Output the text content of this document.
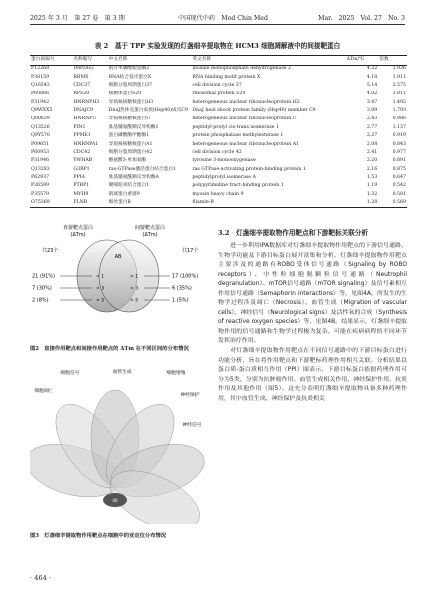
2025 年 3 月　第 27 卷　第 3 期	中国现代中药　Mod Chin Med	Mar.　2025　Vol. 27　No. 3
表 2　基于 TPP 实验发现的灯盏细辛提取物在 HCM3 细胞凋解液中的间接靶蛋白
蛋白质编号	名称缩写	中文名称	英文名称	ΔTm/℃	倍数
P12268	IMPDH2	肌苷单磷酸脱氢酶2	inosine monophosphate dehydrogenase 2	4.22	1.936
P38159	RBMX	RNA结合基序蛋白X	RNA binding motif protein X	4.18	1.911
Q16543	CDC37	细胞分裂周期蛋白37	cell division cycle 37	5.14	2.575
P60866	RPS20	核糖体蛋白S20	ribosomal protein S20	4.02	1.811
P31942	HNRNPH3	异质核核糖核蛋白H3	heterogeneous nuclear ribonucleoprotein H3	3.47	1.492
Q9WXX5	DNAJC9	DnaJ热休克蛋白家族(Hsp40)成员C9	DnaJ heat shock protein family (Hsp40) member C9	3.99	1.793
Q00839	HNRNPU	异质核核糖核蛋白U	heterogeneous nuclear ribonucleoprotein U	2.43	0.986
Q13526	PIN1	肽基脯氨酰顺反异构酶1	peptidyl-prolyl cis-trans isomerase 1	2.77	1.137
Q9Y570	PPME1	蛋白磷酸酶甲酯酶1	protein phosphatase methylesterase 1	2.27	0.919
P09651	HNRNPA1	异质核核糖核蛋白A1	heterogeneous nuclear ribonucleoprotein A1	2.08	0.843
P60953	CDC42	细胞分裂周期蛋白42	cell division cycle 42	2.41	0.977
P31946	YWHAB	酪氨酸3-单加氧酶	tyrosine 3-monooxygenase	2.20	0.891
Q13283	G3BP1	ras-GTPase激活蛋白结合蛋白1	ras GTPase-activating protein-binding protein 1	2.16	0.875
P62937	PPIA	肽基脯氨酰顺反异构酶A	peptidylprolyl isomerase A	1.53	0.647
P26599	PTBP1	聚嘧啶束结合蛋白1	polypyrimidine tract-binding protein 1	1.19	0.542
P35579	MYH9	肌球蛋白重链9	myosin heavy chain 9	1.32	0.581
O75369	FLNB	细丝蛋白B	filamin-B	1.28	0.569
直接靶点蛋白
(ΔTm)
间接靶点蛋白
(ΔTm)
共23个	共17个
AB
21 (91%)	> 1	> 1	17 (100%)
7 (30%)	> 3	> 3	6 (35%)
2 (8%)	> 5	> 5	1 (5%)
图2　直接作用靶点和间接作用靶点的 ΔTm 在不同区间的分布情况
细胞凋亡
细胞信号	血管生成	细胞增殖
神经保护
神经信号
40
图3　灯盏细辛提取物作用靶点在细胞中的亚定位分布情况
3.2　灯盏细辛提取物作用靶点和下游靶标关联分析

进一步利用IPA数据库对灯盏细辛提取物作用靶点的下游信号通路、生物学功能及下游目标蛋白展开富集和分析。灯盏细辛提取物作用靶点主要涉及的通路有ROBO受体信号通路（Signaling by ROBO receptors）、中性粒细胞脱颗粒信号通路（Neutrophil degranulation）、mTOR信号通路（mTOR signaling）及信号素相互作用信号通路（Semaphorin interactions）等，见图4A。所发生的生物学过程涉及凋亡（Necrosis）、血管生成（Migration of vascular cells）、神经信号（Neurological signs）及活性氧的合成（Synthesis of reactive oxygen species）等，见图4B。结果显示，灯盏细辛提取物作用的信号通路和生物学过程极为复杂，可能在疾病病程的不同环节发挥治疗作用。

对灯盏细辛提取物作用靶点在不同信号通路中的下游目标蛋白进行功能分析，旨在将作用靶点和下游靶标药理作用相互关联。分析结果以蛋白质-蛋白质相互作用（PPI）图表示，下游目标蛋白依据药理作用可分为5类，分别为抗肿瘤作用、血管生成相关作用、神经保护作用、抗炎作用及其他作用（图5）。这充分表明灯盏细辛提取物具备多种药理作用，其中血管生成、神经保护及抗炎相关

· 464 ·
